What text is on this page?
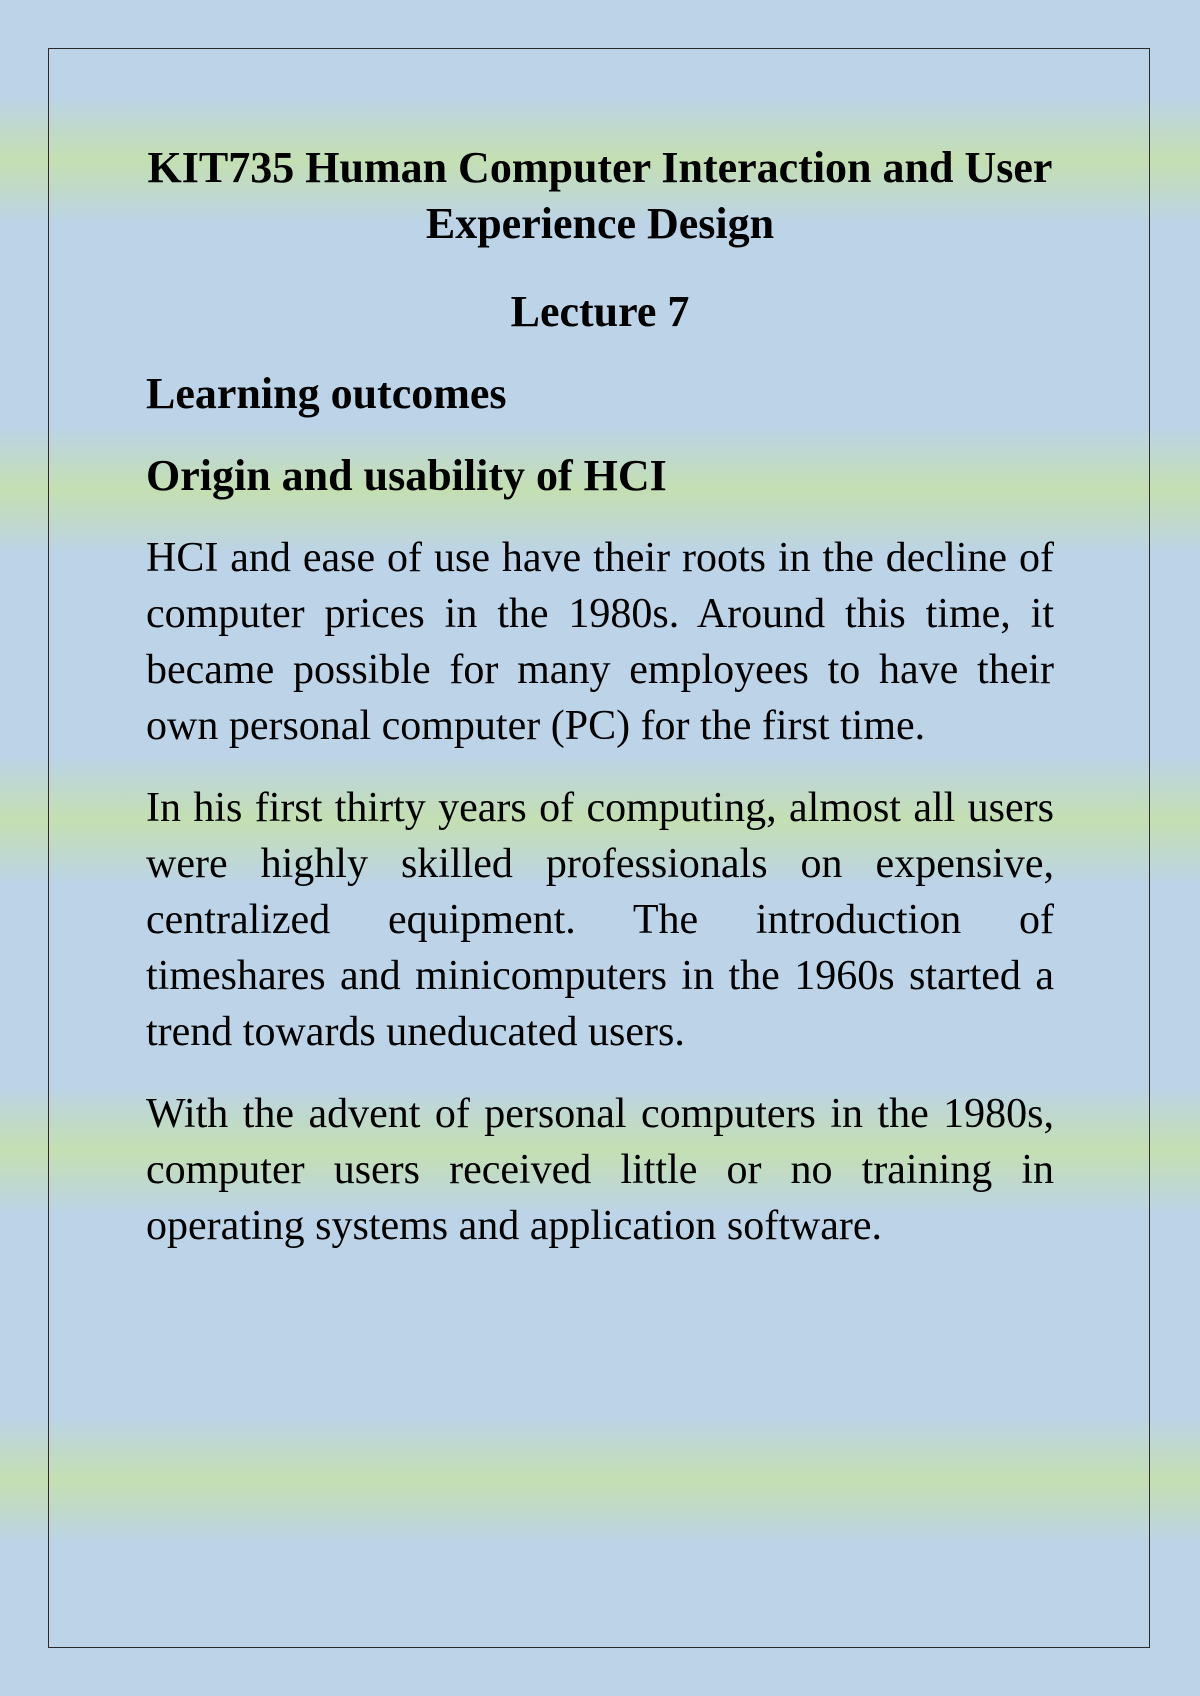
KIT735 Human Computer Interaction and User Experience Design
Lecture 7
Learning outcomes
Origin and usability of HCI

HCI and ease of use have their roots in the decline of computer prices in the 1980s. Around this time, it became possible for many employees to have their own personal computer (PC) for the first time.

In his first thirty years of computing, almost all users were highly skilled professionals on expensive, centralized equipment. The introduction of timeshares and minicomputers in the 1960s started a trend towards uneducated users.

With the advent of personal computers in the 1980s, computer users received little or no training in operating systems and application software.
